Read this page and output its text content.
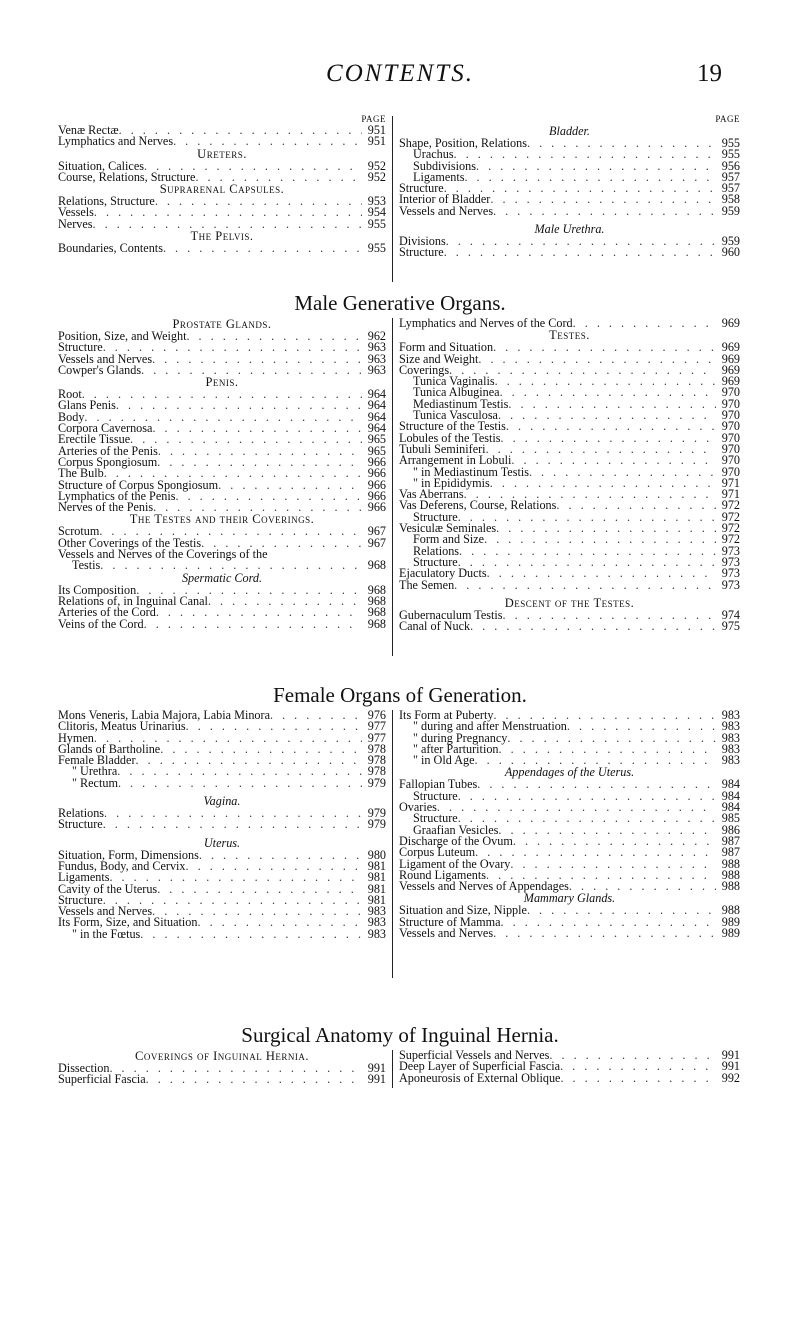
CONTENTS.	19
PAGE
Venæ Rectæ . . .	951
Lymphatics and Nerves . . .	951
Ureters.
Situation, Calices . . .	952
Course, Relations, Structure . . .	952
Suprarenal Capsules.
Relations, Structure . . .	953
Vessels . . .	954
Nerves . . .	955
The Pelvis.
Boundaries, Contents . . .	955
PAGE
Bladder.
Shape, Position, Relations . . .	955
Urachus . . .	955
Subdivisions . . .	956
Ligaments . . .	957
Structure . . .	957
Interior of Bladder . . .	958
Vessels and Nerves . . .	959
Male Urethra.
Divisions . . .	959
Structure . . .	960
Male Generative Organs.
Prostate Glands.
Position, Size, and Weight . . .	962
Structure . . .	963
Vessels and Nerves . . .	963
Cowper's Glands . . .	963
Penis.
Root . . .	964
Glans Penis . . .	964
Body . . .	964
Corpora Cavernosa . . .	964
Erectile Tissue . . .	965
Arteries of the Penis . . .	965
Corpus Spongiosum . . .	966
The Bulb . . .	966
Structure of Corpus Spongiosum . . .	966
Lymphatics of the Penis . . .	966
Nerves of the Penis . . .	966
The Testes and their Coverings.
Scrotum . . .	967
Other Coverings of the Testis . . .	967
Vessels and Nerves of the Coverings of the
Testis . . .	968
Spermatic Cord.
Its Composition . . .	968
Relations of, in Inguinal Canal . . .	968
Arteries of the Cord . . .	968
Veins of the Cord . . .	968
Lymphatics and Nerves of the Cord . . .	969
Testes.
Form and Situation . . .	969
Size and Weight . . .	969
Coverings . . .	969
Tunica Vaginalis . . .	969
Tunica Albuginea . . .	970
Mediastinum Testis . . .	970
Tunica Vasculosa . . .	970
Structure of the Testis . . .	970
Lobules of the Testis . . .	970
Tubuli Seminiferi . . .	970
Arrangement in Lobuli . . .	970
" in Mediastinum Testis . . .	970
" in Epididymis . . .	971
Vas Aberrans . . .	971
Vas Deferens, Course, Relations . . .	972
Structure . . .	972
Vesiculæ Seminales . . .	972
Form and Size . . .	972
Relations . . .	973
Structure . . .	973
Ejaculatory Ducts . . .	973
The Semen . . .	973
Descent of the Testes.
Gubernaculum Testis . . .	974
Canal of Nuck . . .	975
Female Organs of Generation.
Mons Veneris, Labia Majora, Labia Minora . . .	976
Clitoris, Meatus Urinarius . . .	977
Hymen . . .	977
Glands of Bartholine . . .	978
Female Bladder . . .	978
" Urethra . . .	978
" Rectum . . .	979
Vagina.
Relations . . .	979
Structure . . .	979
Uterus.
Situation, Form, Dimensions . . .	980
Fundus, Body, and Cervix . . .	981
Ligaments . . .	981
Cavity of the Uterus . . .	981
Structure . . .	981
Vessels and Nerves . . .	983
Its Form, Size, and Situation . . .	983
" in the Fœtus . . .	983
Its Form at Puberty . . .	983
" during and after Menstruation . . .	983
" during Pregnancy . . .	983
" after Parturition . . .	983
" in Old Age . . .	983
Appendages of the Uterus.
Fallopian Tubes . . .	984
Structure . . .	984
Ovaries . . .	984
Structure . . .	985
Graafian Vesicles . . .	986
Discharge of the Ovum . . .	987
Corpus Luteum . . .	987
Ligament of the Ovary . . .	988
Round Ligaments . . .	988
Vessels and Nerves of Appendages . . .	988
Mammary Glands.
Situation and Size, Nipple . . .	988
Structure of Mamma . . .	989
Vessels and Nerves . . .	989
Surgical Anatomy of Inguinal Hernia.
Coverings of Inguinal Hernia.
Dissection . . .	991
Superficial Fascia . . .	991
Superficial Vessels and Nerves . . .	991
Deep Layer of Superficial Fascia . . .	991
Aponeurosis of External Oblique . . .	992
